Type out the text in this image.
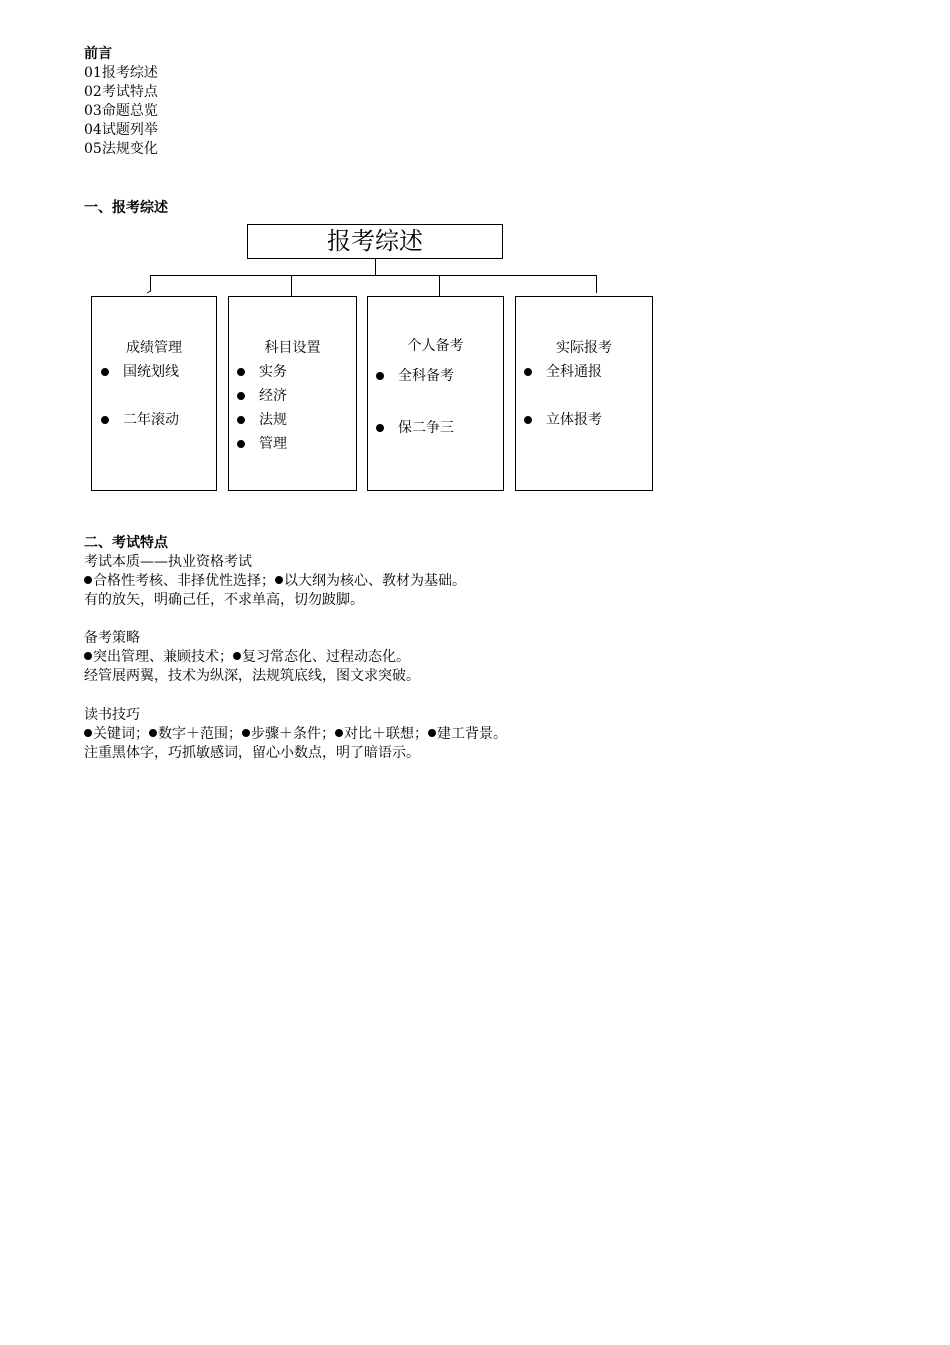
前言
01报考综述
02考试特点
03命题总览
04试题列举
05法规变化
一、报考综述
报考综述
成绩管理
国统划线
二年滚动
科目设置
实务
经济
法规
管理
个人备考
全科备考
保二争三
实际报考
全科通报
立体报考
二、考试特点
考试本质——执业资格考试
合格性考核、非择优性选择； 以大纲为核心、教材为基础。
有的放矢，明确己任，不求单高，切勿跛脚。
备考策略
突出管理、兼顾技术； 复习常态化、过程动态化。
经管展两翼，技术为纵深，法规筑底线，图文求突破。
读书技巧
关键词； 数字＋范围； 步骤＋条件； 对比＋联想； 建工背景。
注重黑体字，巧抓敏感词，留心小数点，明了暗语示。
